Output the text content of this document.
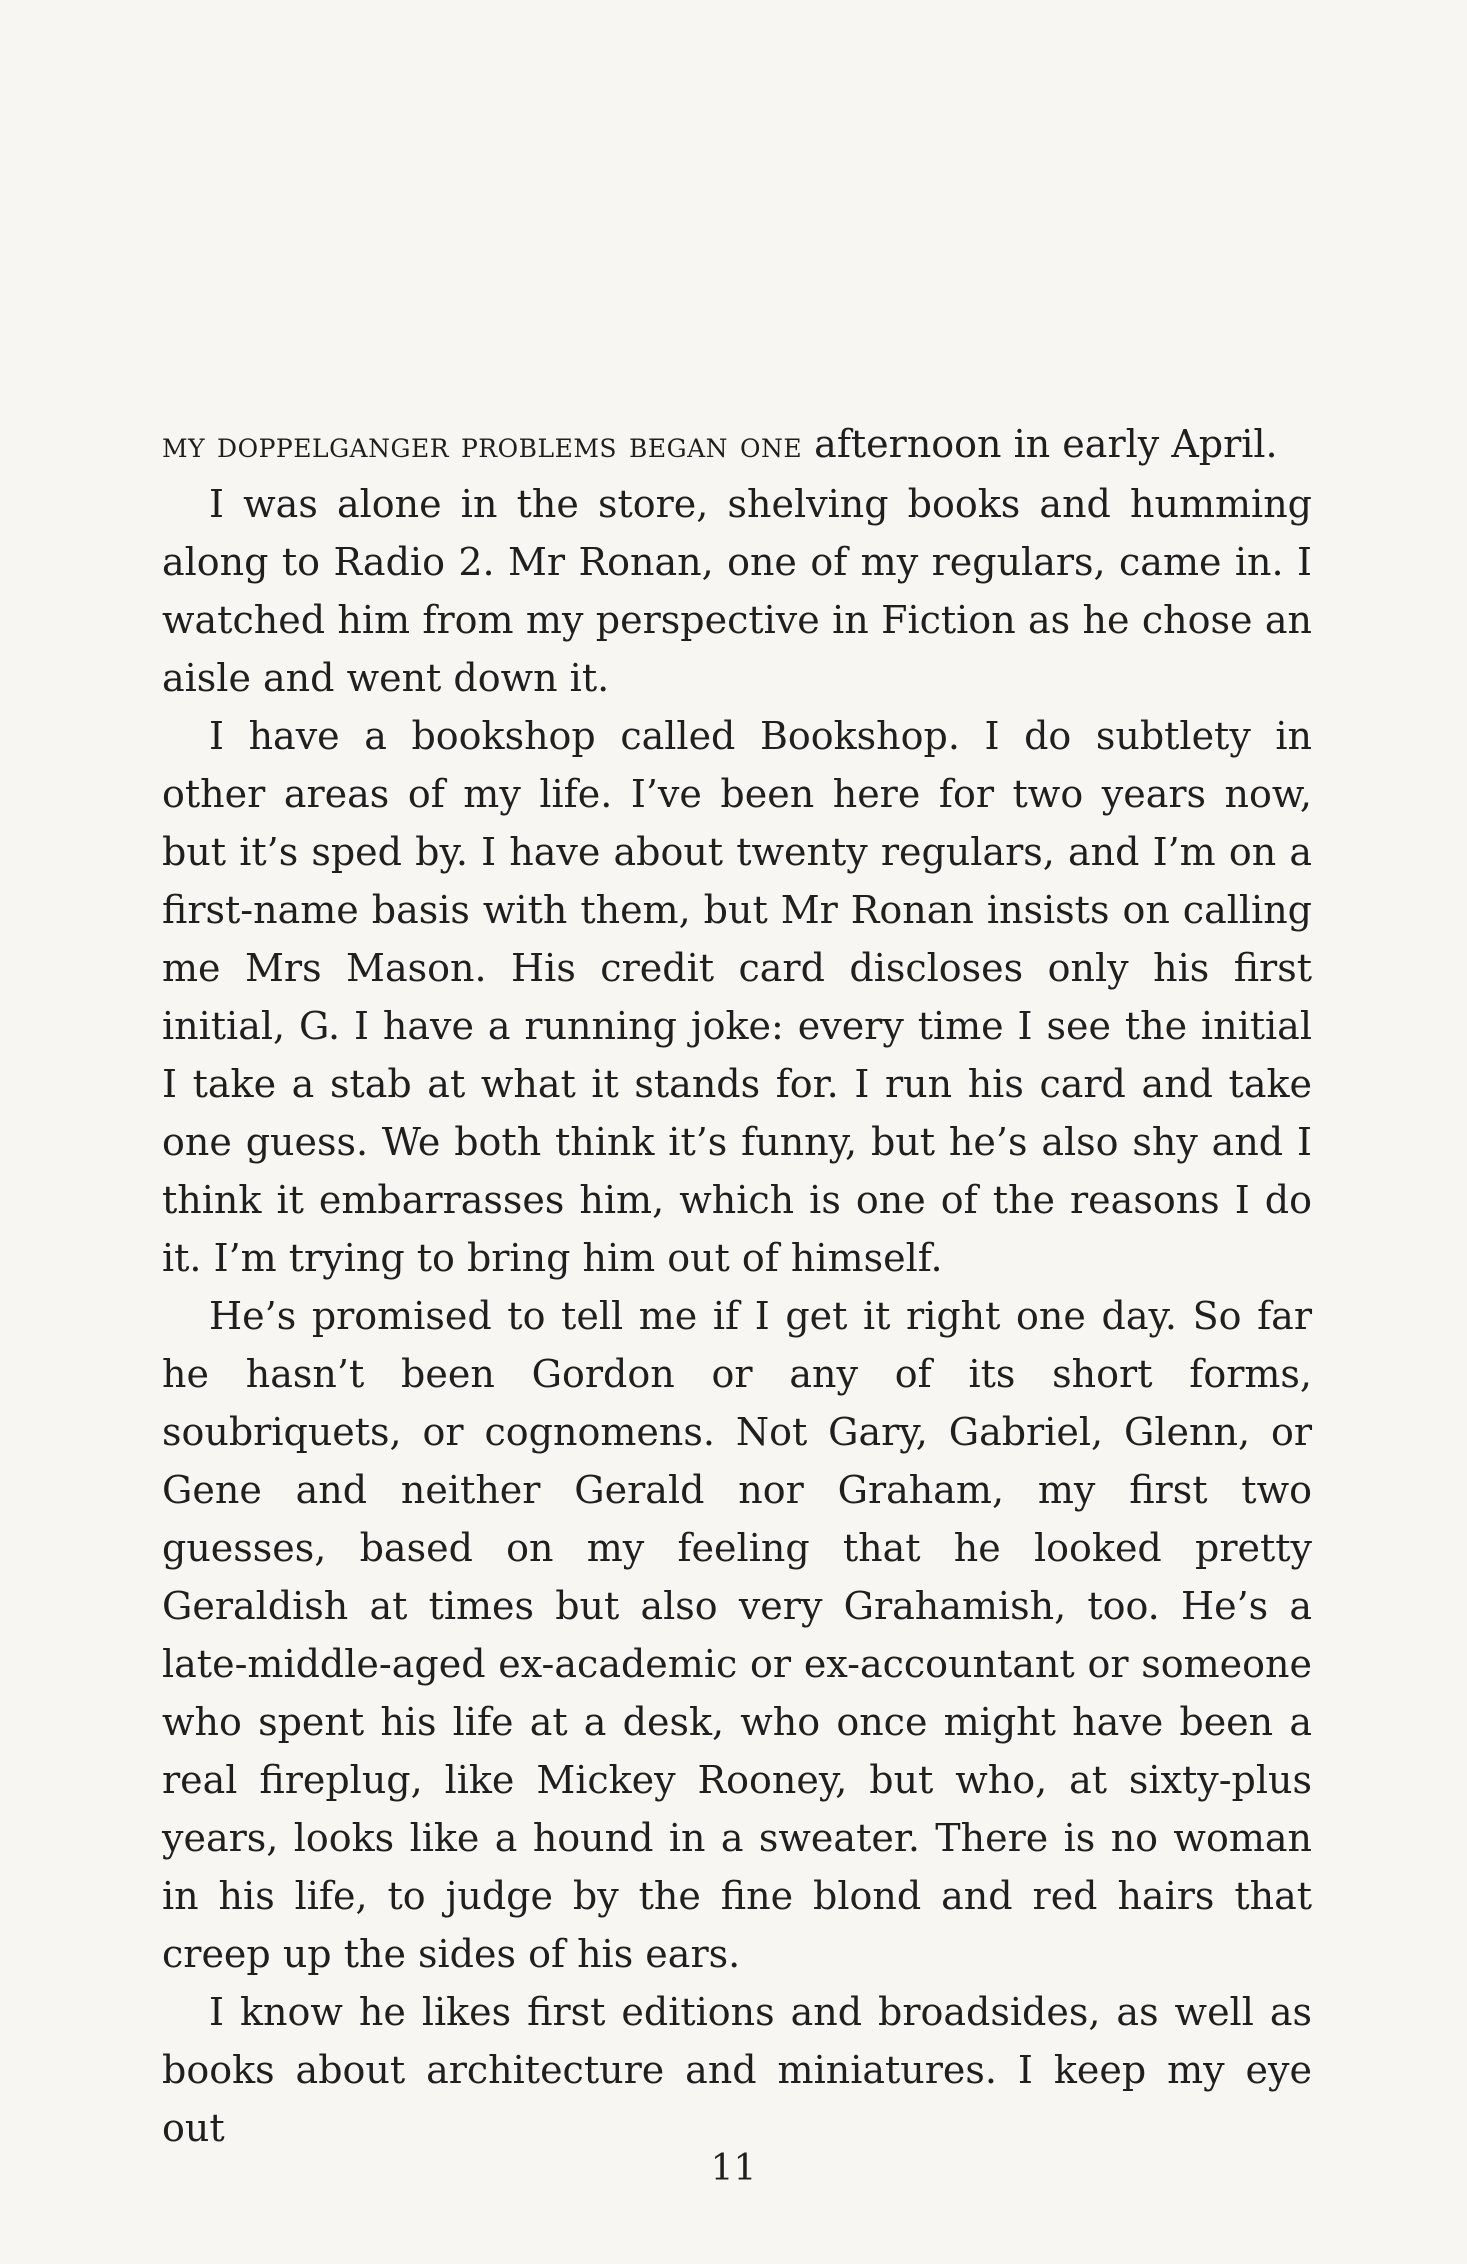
my doppelganger problems began one afternoon in early April.

I was alone in the store, shelving books and humming along to Radio 2. Mr Ronan, one of my regulars, came in. I watched him from my perspective in Fiction as he chose an aisle and went down it.

I have a bookshop called Bookshop. I do subtlety in other areas of my life. I’ve been here for two years now, but it’s sped by. I have about twenty regulars, and I’m on a first-name basis with them, but Mr Ronan insists on calling me Mrs Mason. His credit card discloses only his first initial, G. I have a running joke: every time I see the initial I take a stab at what it stands for. I run his card and take one guess. We both think it’s funny, but he’s also shy and I think it embarrasses him, which is one of the reasons I do it. I’m trying to bring him out of himself.

He’s promised to tell me if I get it right one day. So far he hasn’t been Gordon or any of its short forms, soubriquets, or cognomens. Not Gary, Gabriel, Glenn, or Gene and neither Gerald nor Graham, my first two guesses, based on my feeling that he looked pretty Geraldish at times but also very Grahamish, too. He’s a late-middle-aged ex-academic or ex-accountant or someone who spent his life at a desk, who once might have been a real fireplug, like Mickey Rooney, but who, at sixty-plus years, looks like a hound in a sweater. There is no woman in his life, to judge by the fine blond and red hairs that creep up the sides of his ears.

I know he likes first editions and broadsides, as well as books about architecture and miniatures. I keep my eye out

11
